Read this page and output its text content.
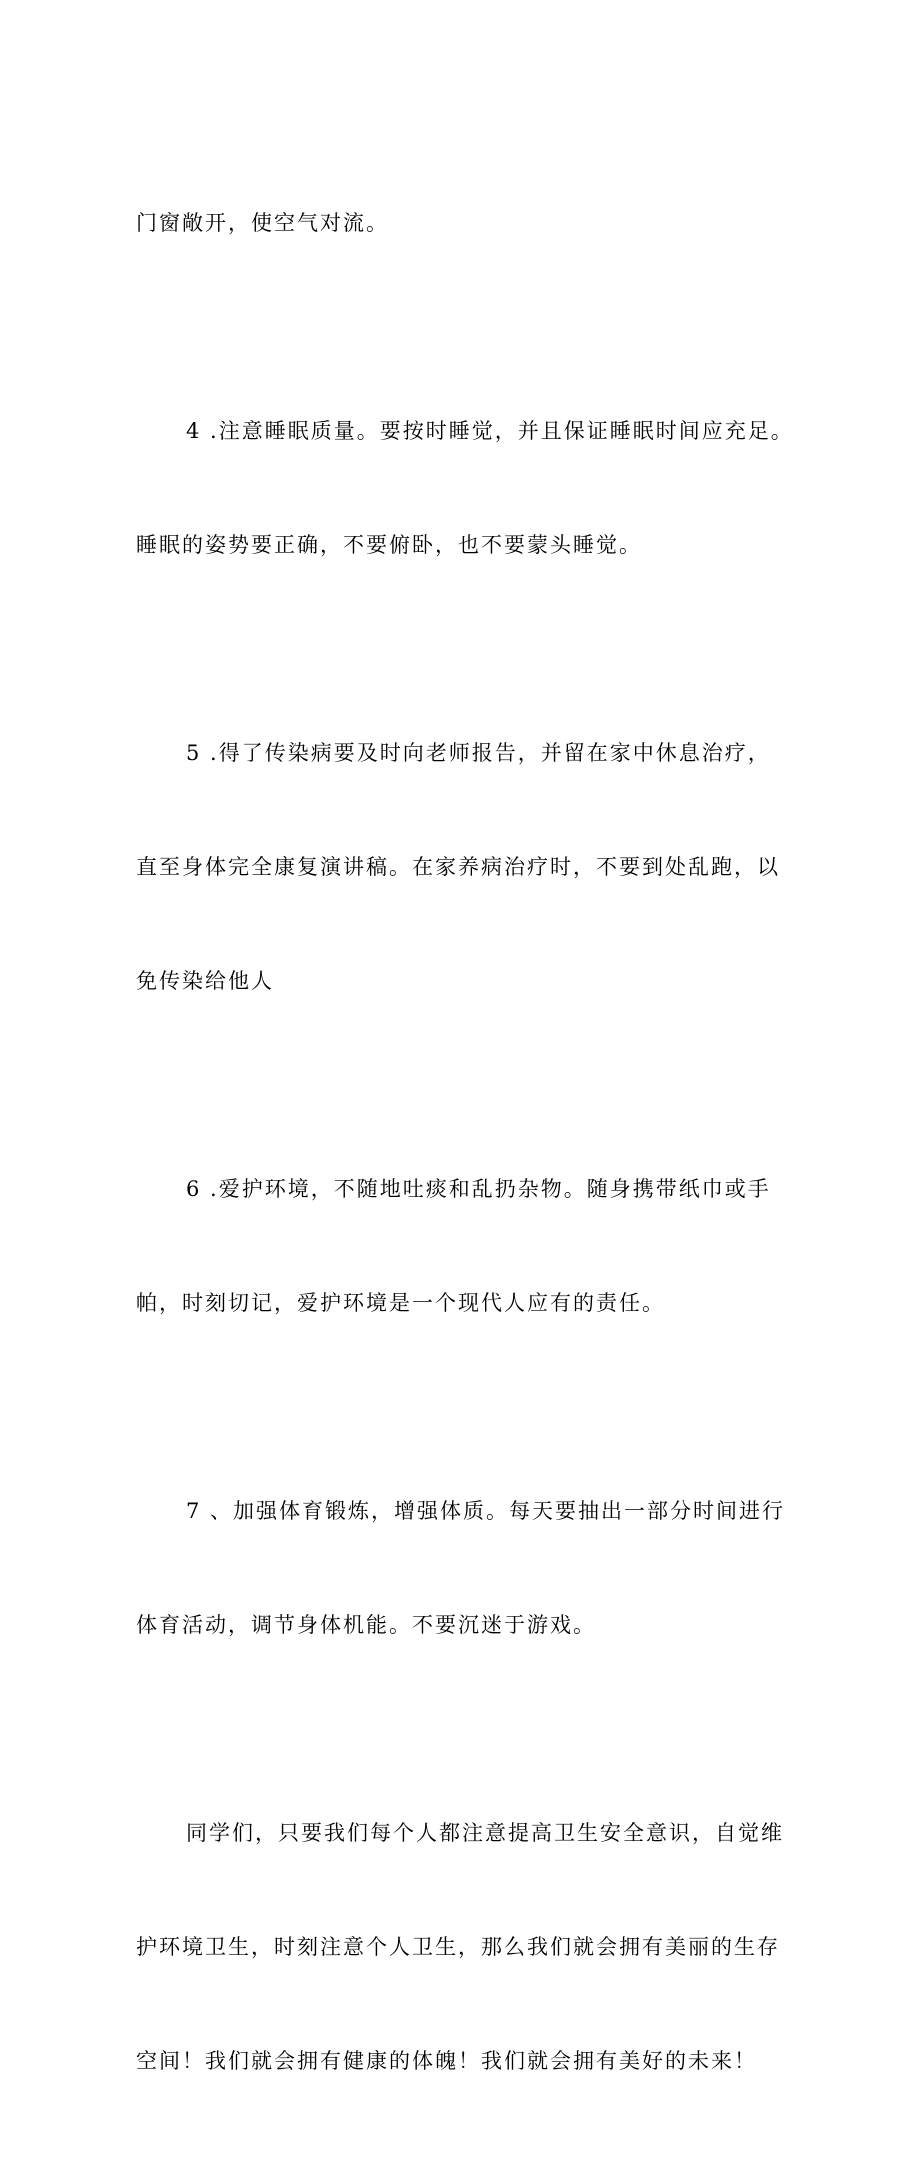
门窗敞开，使空气对流。

4 .注意睡眠质量。要按时睡觉，并且保证睡眠时间应充足。

睡眠的姿势要正确，不要俯卧，也不要蒙头睡觉。

5 .得了传染病要及时向老师报告，并留在家中休息治疗，

直至身体完全康复演讲稿。在家养病治疗时，不要到处乱跑，以

免传染给他人

6 .爱护环境，不随地吐痰和乱扔杂物。随身携带纸巾或手

帕，时刻切记，爱护环境是一个现代人应有的责任。

7 、加强体育锻炼，增强体质。每天要抽出一部分时间进行

体育活动，调节身体机能。不要沉迷于游戏。

同学们，只要我们每个人都注意提高卫生安全意识，自觉维

护环境卫生，时刻注意个人卫生，那么我们就会拥有美丽的生存

空间！我们就会拥有健康的体魄！我们就会拥有美好的未来！
